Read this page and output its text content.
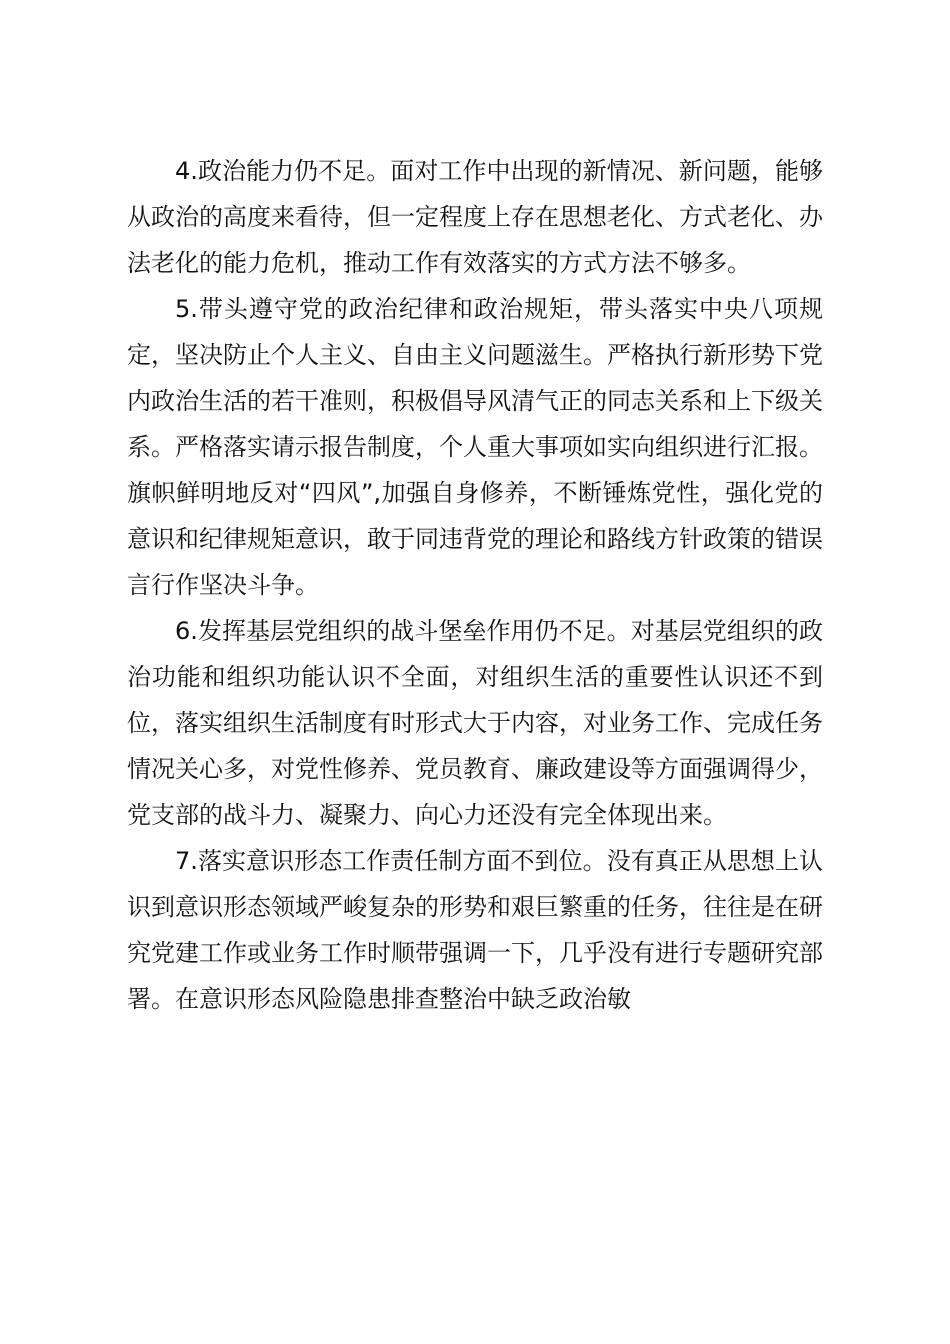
4.政治能力仍不足。面对工作中出现的新情况、新问题，能够从政治的高度来看待，但一定程度上存在思想老化、方式老化、办法老化的能力危机，推动工作有效落实的方式方法不够多。

5.带头遵守党的政治纪律和政治规矩，带头落实中央八项规定，坚决防止个人主义、自由主义问题滋生。严格执行新形势下党内政治生活的若干准则，积极倡导风清气正的同志关系和上下级关系。严格落实请示报告制度，个人重大事项如实向组织进行汇报。旗帜鲜明地反对“四风”,加强自身修养，不断锤炼党性，强化党的意识和纪律规矩意识，敢于同违背党的理论和路线方针政策的错误言行作坚决斗争。

6.发挥基层党组织的战斗堡垒作用仍不足。对基层党组织的政治功能和组织功能认识不全面，对组织生活的重要性认识还不到位，落实组织生活制度有时形式大于内容，对业务工作、完成任务情况关心多，对党性修养、党员教育、廉政建设等方面强调得少，党支部的战斗力、凝聚力、向心力还没有完全体现出来。

7.落实意识形态工作责任制方面不到位。没有真正从思想上认识到意识形态领域严峻复杂的形势和艰巨繁重的任务，往往是在研究党建工作或业务工作时顺带强调一下，几乎没有进行专题研究部署。在意识形态风险隐患排查整治中缺乏政治敏
